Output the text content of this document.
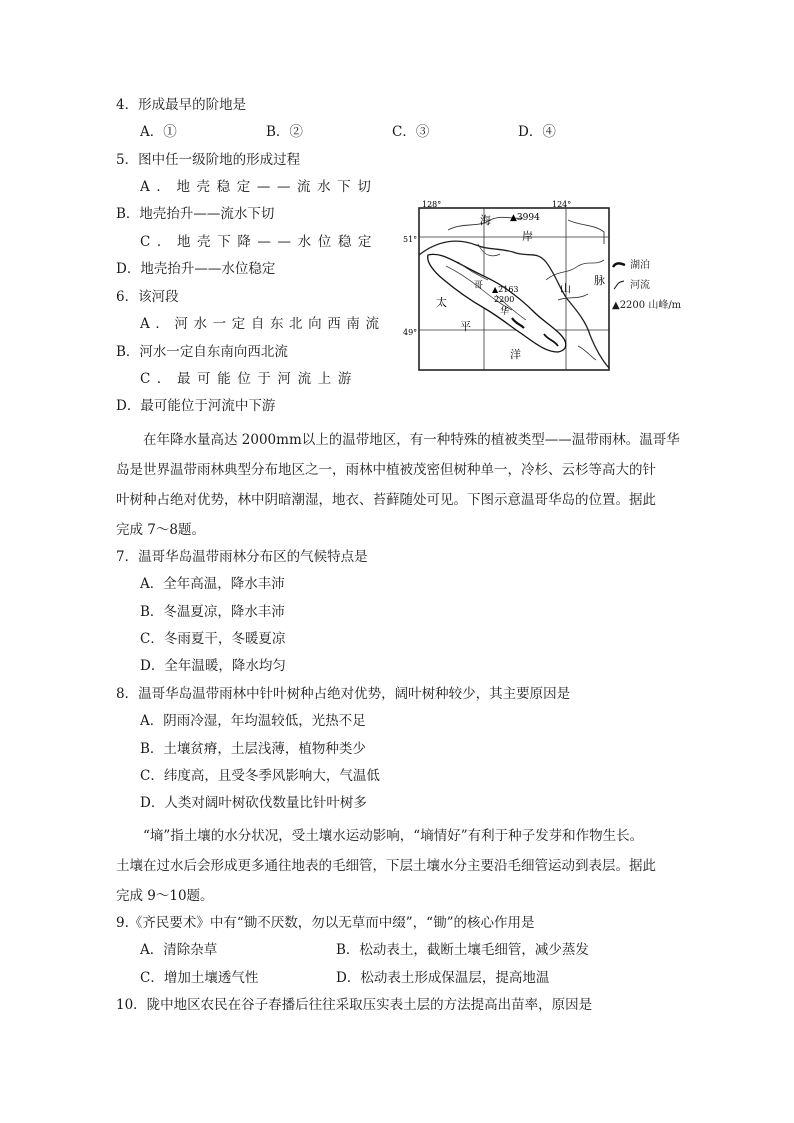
4．形成最早的阶地是
A．①	B．②	C．③	D．④
5．图中任一级阶地的形成过程
A．地壳稳定——流水下切
B．地壳抬升——流水下切
C．地壳下降——水位稳定
D．地壳抬升——水位稳定
6．该河段
A．河水一定自东北向西南流
B．河水一定自东南向西北流
C．最可能位于河流上游
D．最可能位于河流中下游
128°	124°
51°
49°
海 ▲3994
岸
山
脉
哥 ▲2163
2200
华
太
平
洋
湖泊
河流
▲2200 山峰/m
在年降水量高达 2000mm以上的温带地区，有一种特殊的植被类型——温带雨林。温哥华
岛是世界温带雨林典型分布地区之一，雨林中植被茂密但树种单一，冷杉、云杉等高大的针
叶树种占绝对优势，林中阴暗潮湿，地衣、苔藓随处可见。下图示意温哥华岛的位置。据此
完成 7～8题。
7．温哥华岛温带雨林分布区的气候特点是
A．全年高温，降水丰沛
B．冬温夏凉，降水丰沛
C．冬雨夏干，冬暖夏凉
D．全年温暖，降水均匀
8．温哥华岛温带雨林中针叶树种占绝对优势，阔叶树种较少，其主要原因是
A．阴雨冷湿，年均温较低，光热不足
B．土壤贫瘠，土层浅薄，植物种类少
C．纬度高，且受冬季风影响大，气温低
D．人类对阔叶树砍伐数量比针叶树多
“墒”指土壤的水分状况，受土壤水运动影响，“墒情好”有利于种子发芽和作物生长。
土壤在过水后会形成更多通往地表的毛细管，下层土壤水分主要沿毛细管运动到表层。据此
完成 9～10题。
9.《齐民要术》中有“锄不厌数，勿以无草而中缀”，“锄”的核心作用是
A．清除杂草	B．松动表土，截断土壤毛细管，减少蒸发
C．增加土壤透气性	D．松动表土形成保温层，提高地温
10．陇中地区农民在谷子春播后往往采取压实表土层的方法提高出苗率，原因是
